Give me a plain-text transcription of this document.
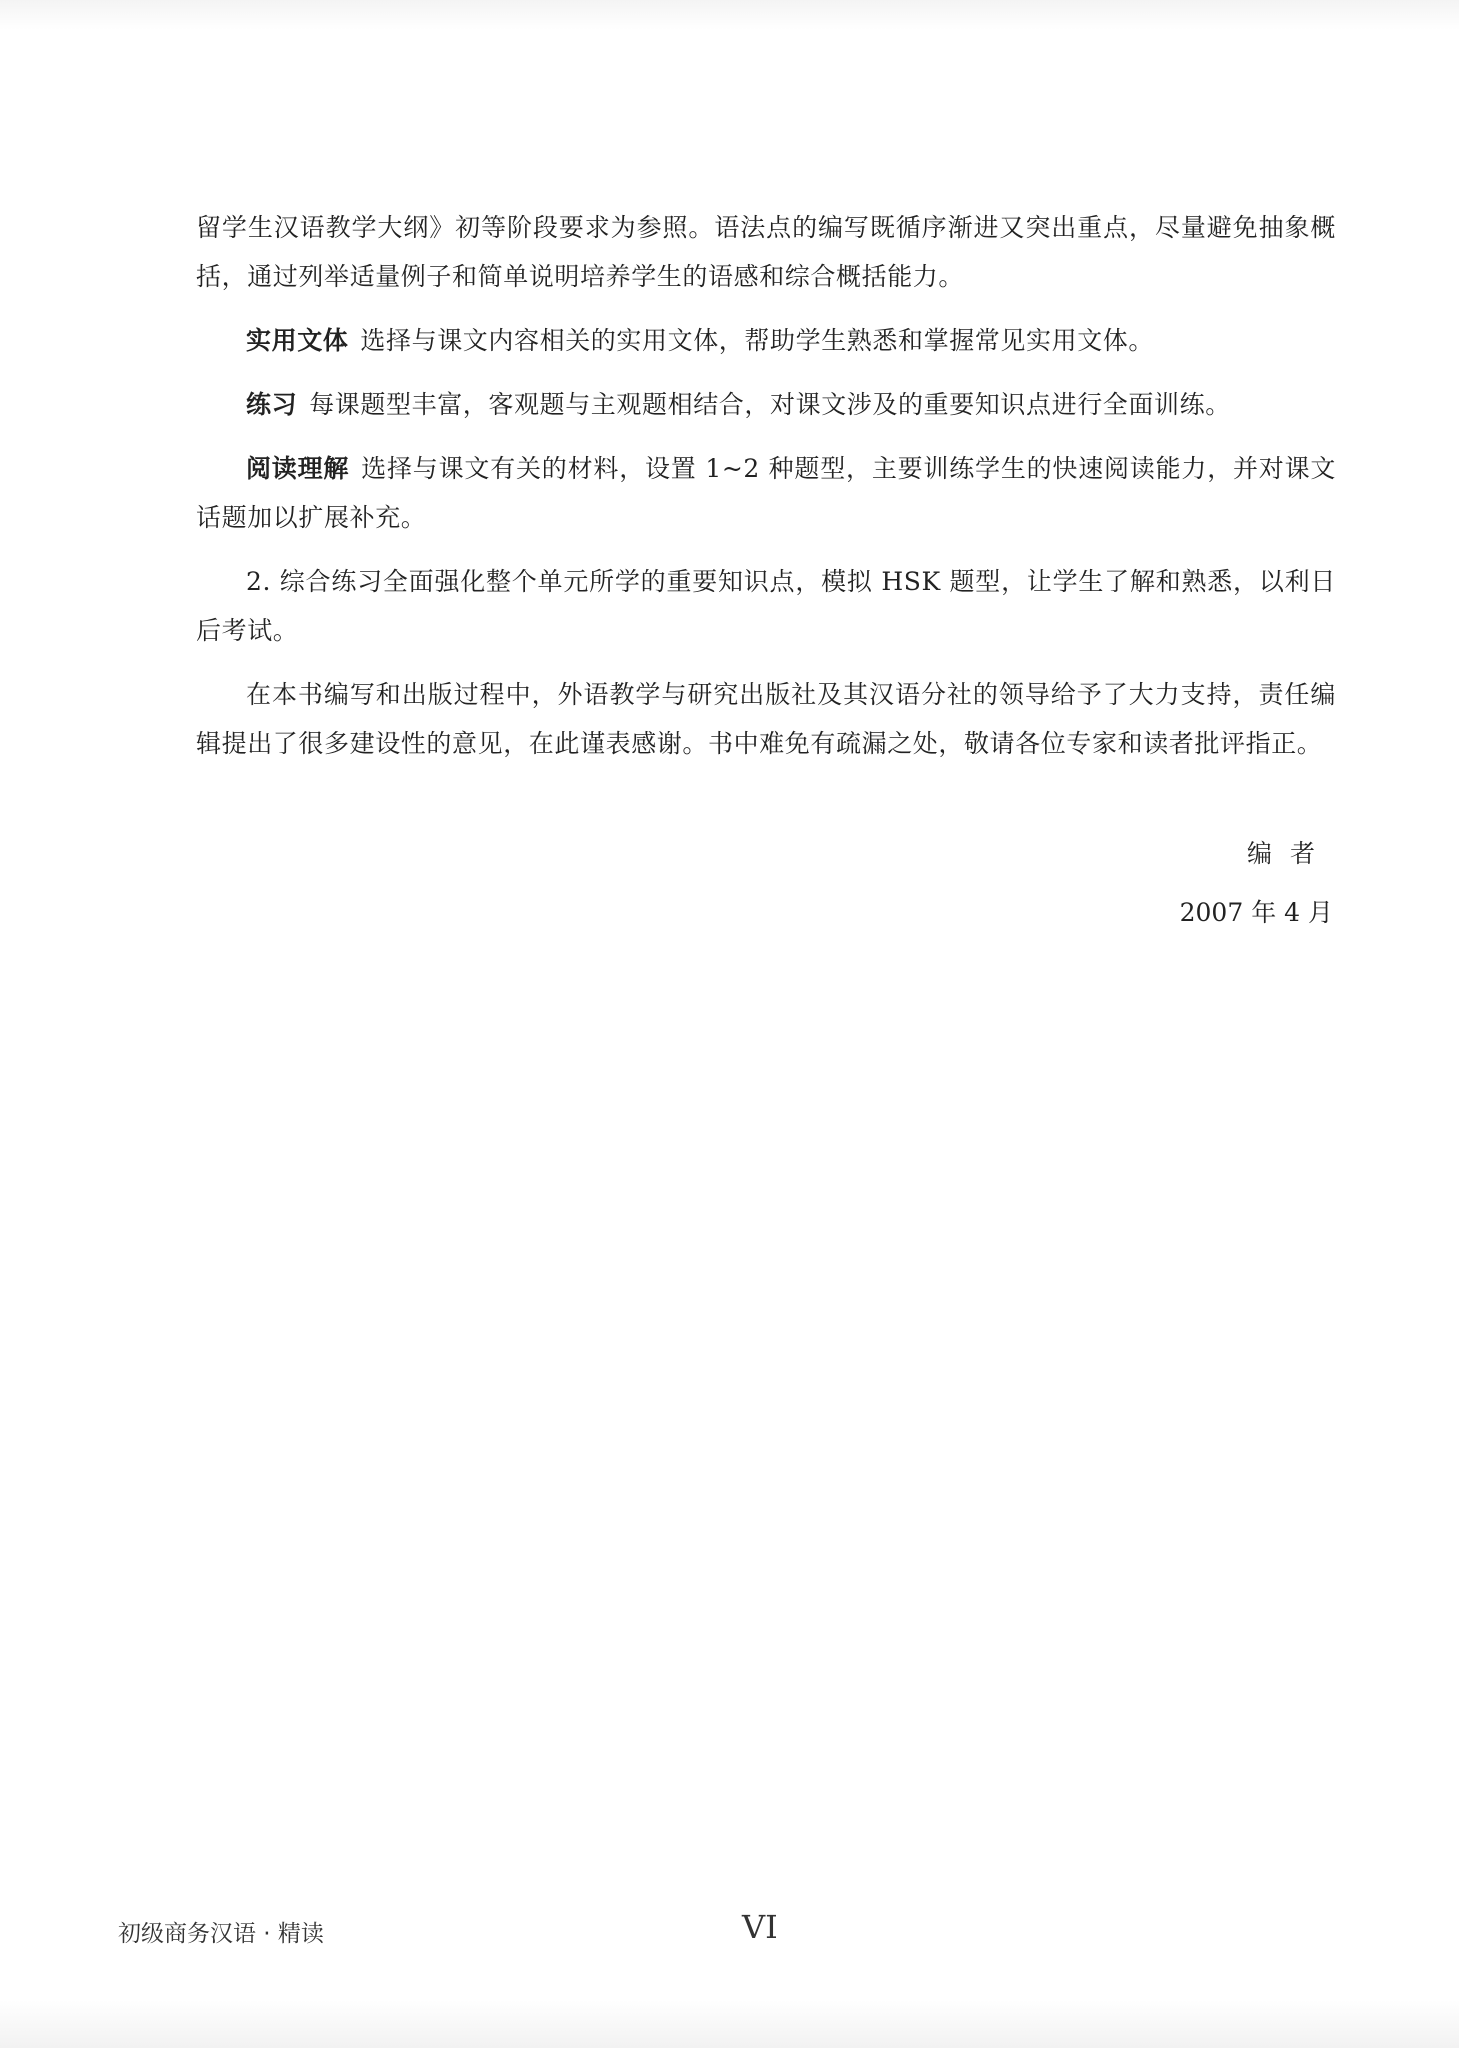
留学生汉语教学大纲》初等阶段要求为参照。语法点的编写既循序渐进又突出重点，尽量避免抽象概括，通过列举适量例子和简单说明培养学生的语感和综合概括能力。

实用文体 选择与课文内容相关的实用文体，帮助学生熟悉和掌握常见实用文体。

练习 每课题型丰富，客观题与主观题相结合，对课文涉及的重要知识点进行全面训练。

阅读理解 选择与课文有关的材料，设置 1~2 种题型，主要训练学生的快速阅读能力，并对课文话题加以扩展补充。

2. 综合练习全面强化整个单元所学的重要知识点，模拟 HSK 题型，让学生了解和熟悉，以利日后考试。

在本书编写和出版过程中，外语教学与研究出版社及其汉语分社的领导给予了大力支持，责任编辑提出了很多建设性的意见，在此谨表感谢。书中难免有疏漏之处，敬请各位专家和读者批评指正。

编者
2007 年 4 月
初级商务汉语 · 精读	VI
